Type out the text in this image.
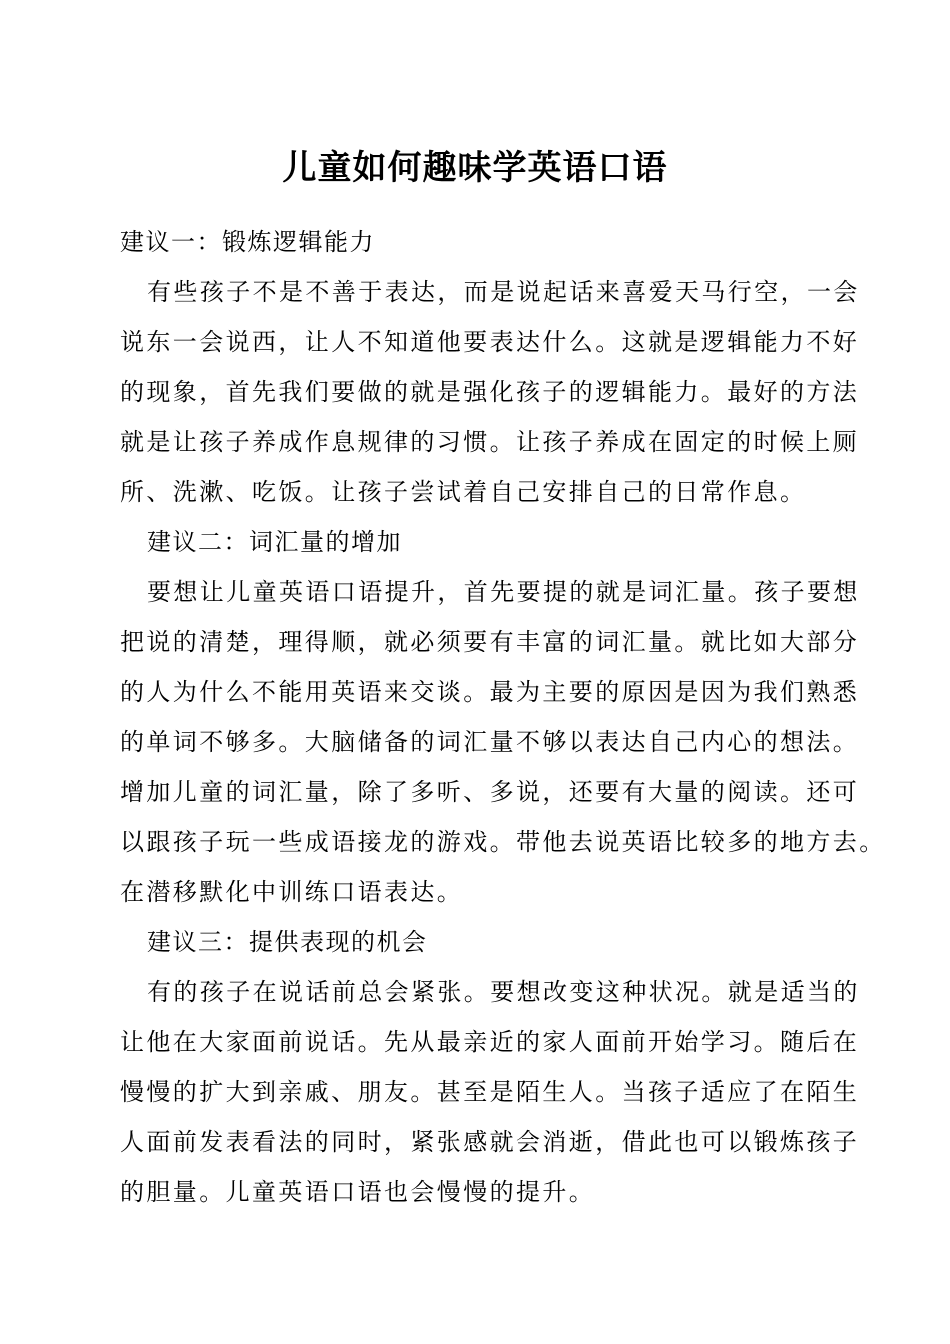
儿童如何趣味学英语口语
建议一：锻炼逻辑能力
有些孩子不是不善于表达，而是说起话来喜爱天马行空，一会
说东一会说西，让人不知道他要表达什么。这就是逻辑能力不好
的现象，首先我们要做的就是强化孩子的逻辑能力。最好的方法
就是让孩子养成作息规律的习惯。让孩子养成在固定的时候上厕
所、洗漱、吃饭。让孩子尝试着自己安排自己的日常作息。
建议二：词汇量的增加
要想让儿童英语口语提升，首先要提的就是词汇量。孩子要想
把说的清楚，理得顺，就必须要有丰富的词汇量。就比如大部分
的人为什么不能用英语来交谈。最为主要的原因是因为我们熟悉
的单词不够多。大脑储备的词汇量不够以表达自己内心的想法。
增加儿童的词汇量，除了多听、多说，还要有大量的阅读。还可
以跟孩子玩一些成语接龙的游戏。带他去说英语比较多的地方去。
在潜移默化中训练口语表达。
建议三：提供表现的机会
有的孩子在说话前总会紧张。要想改变这种状况。就是适当的
让他在大家面前说话。先从最亲近的家人面前开始学习。随后在
慢慢的扩大到亲戚、朋友。甚至是陌生人。当孩子适应了在陌生
人面前发表看法的同时，紧张感就会消逝，借此也可以锻炼孩子
的胆量。儿童英语口语也会慢慢的提升。
